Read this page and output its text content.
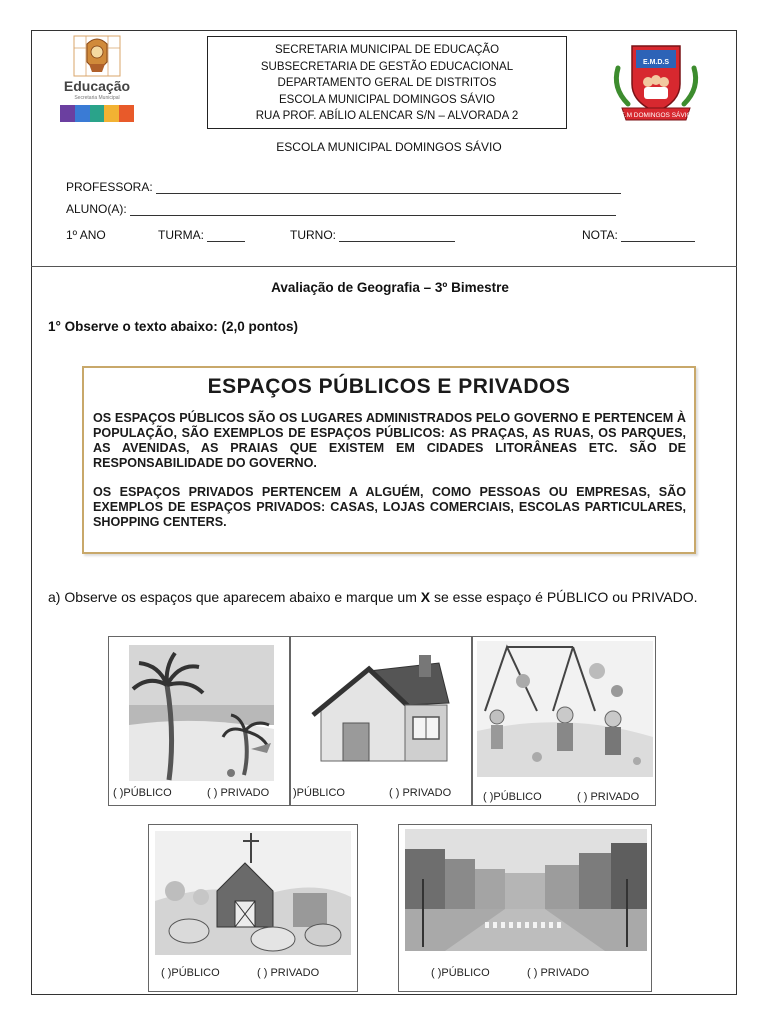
Educação
Secretaria Municipal
E.M.D.S
E.M DOMINGOS SÁVIO
SECRETARIA MUNICIPAL DE EDUCAÇÃO
SUBSECRETARIA DE GESTÃO EDUCACIONAL
DEPARTAMENTO GERAL DE DISTRITOS
ESCOLA MUNICIPAL DOMINGOS SÁVIO
RUA PROF. ABÍLIO ALENCAR S/N – ALVORADA 2
ESCOLA MUNICIPAL DOMINGOS SÁVIO
PROFESSORA:
ALUNO(A):
1º ANO	TURMA:	TURNO:	NOTA:
Avaliação de Geografia – 3º Bimestre
1° Observe o texto abaixo: (2,0 pontos)
ESPAÇOS PÚBLICOS E PRIVADOS
OS ESPAÇOS PÚBLICOS SÃO OS LUGARES ADMINISTRADOS PELO GOVERNO E PERTENCEM À POPULAÇÃO, SÃO EXEMPLOS DE ESPAÇOS PÚBLICOS: AS PRAÇAS, AS RUAS, OS PARQUES, AS AVENIDAS, AS PRAIAS QUE EXISTEM EM CIDADES LITORÂNEAS ETC. SÃO DE RESPONSABILIDADE DO GOVERNO.
OS ESPAÇOS PRIVADOS PERTENCEM A ALGUÉM, COMO PESSOAS OU EMPRESAS, SÃO EXEMPLOS DE ESPAÇOS PRIVADOS: CASAS, LOJAS COMERCIAIS, ESCOLAS PARTICULARES, SHOPPING CENTERS.
a) Observe os espaços que aparecem abaixo e marque um X se esse espaço é PÚBLICO ou PRIVADO.
( )PÚBLICO	( ) PRIVADO )PÚBLICO	( ) PRIVADO	( )PÚBLICO	( ) PRIVADO
( )PÚBLICO	( ) PRIVADO	( )PÚBLICO	( ) PRIVADO
